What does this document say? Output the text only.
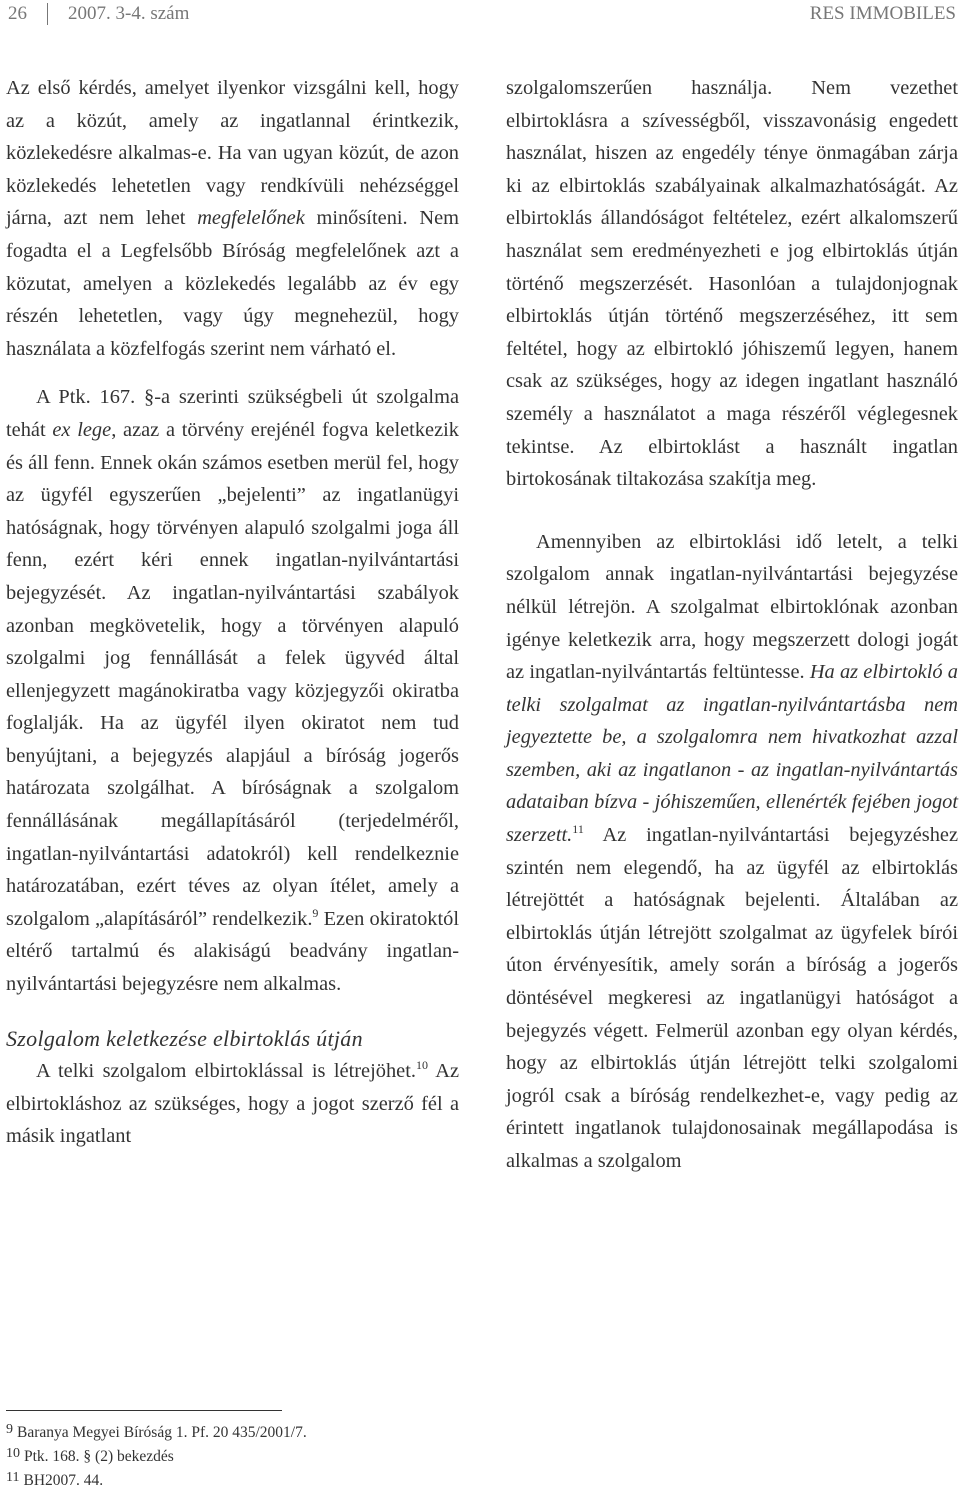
26 2007. 3-4. szám	RES IMMOBILES

Az első kérdés, amelyet ilyenkor vizsgálni kell, hogy az a közút, amely az ingatlannal érintkezik, közlekedésre alkalmas-e. Ha van ugyan közút, de azon közlekedés lehetetlen vagy rendkívüli nehézséggel járna, azt nem lehet megfelelőnek minősíteni. Nem fogadta el a Legfelsőbb Bíróság megfelelőnek azt a közutat, amelyen a közlekedés legalább az év egy részén lehetetlen, vagy úgy megnehezül, hogy használata a közfelfogás szerint nem várható el.

A Ptk. 167. §-a szerinti szükségbeli út szolgalma tehát ex lege, azaz a törvény erejénél fogva keletkezik és áll fenn. Ennek okán számos esetben merül fel, hogy az ügyfél egyszerűen „bejelenti” az ingatlanügyi hatóságnak, hogy törvényen alapuló szolgalmi joga áll fenn, ezért kéri ennek ingatlan-nyilvántartási bejegyzését. Az ingatlan-nyilvántartási szabályok azonban megkövetelik, hogy a törvényen alapuló szolgalmi jog fennállását a felek ügyvéd által ellenjegyzett magánokiratba vagy közjegyzői okiratba foglalják. Ha az ügyfél ilyen okiratot nem tud benyújtani, a bejegyzés alapjául a bíróság jogerős határozata szolgálhat. A bíróságnak a szolgalom fennállásának megállapításáról (terjedelméről, ingatlan-nyilvántartási adatokról) kell rendelkeznie határozatában, ezért téves az olyan ítélet, amely a szolgalom „alapításáról” rendelkezik.$^9$ Ezen okiratoktól eltérő tartalmú és alakiságú beadvány ingatlan-nyilvántartási bejegyzésre nem alkalmas.

Szolgalom keletkezése elbirtoklás útján

A telki szolgalom elbirtoklással is létrejöhet.$^{10}$ Az elbirtokláshoz az szükséges, hogy a jogot szerző fél a másik ingatlant

szolgalomszerűen használja. Nem vezethet elbirtoklásra a szívességből, visszavonásig engedett használat, hiszen az engedély ténye önmagában zárja ki az elbirtoklás szabályainak alkalmazhatóságát. Az elbirtoklás állandóságot feltételez, ezért alkalomszerű használat sem eredményezheti e jog elbirtoklás útján történő megszerzését. Hasonlóan a tulajdonjognak elbirtoklás útján történő megszerzéséhez, itt sem feltétel, hogy az elbirtokló jóhiszemű legyen, hanem csak az szükséges, hogy az idegen ingatlant használó személy a használatot a maga részéről véglegesnek tekintse. Az elbirtoklást a használt ingatlan birtokosának tiltakozása szakítja meg.

Amennyiben az elbirtoklási idő letelt, a telki szolgalom annak ingatlan-nyilvántartási bejegyzése nélkül létrejön. A szolgalmat elbirtoklónak azonban igénye keletkezik arra, hogy megszerzett dologi jogát az ingatlan-nyilvántartás feltüntesse. Ha az elbirtokló a telki szolgalmat az ingatlan-nyilvántartásba nem jegyeztette be, a szolgalomra nem hivatkozhat azzal szemben, aki az ingatlanon - az ingatlan-nyilvántartás adataiban bízva - jóhiszeműen, ellenérték fejében jogot szerzett.$^{11}$ Az ingatlan-nyilvántartási bejegyzéshez szintén nem elegendő, ha az ügyfél az elbirtoklás létrejöttét a hatóságnak bejelenti. Általában az elbirtoklás útján létrejött szolgalmat az ügyfelek bírói úton érvényesítik, amely során a bíróság a jogerős döntésével megkeresi az ingatlanügyi hatóságot a bejegyzés végett. Felmerül azonban egy olyan kérdés, hogy az elbirtoklás útján létrejött telki szolgalomi jogról csak a bíróság rendelkezhet-e, vagy pedig az érintett ingatlanok tulajdonosainak megállapodása is alkalmas a szolgalom

9 Baranya Megyei Bíróság 1. Pf. 20 435/2001/7.
10 Ptk. 168. § (2) bekezdés
11 BH2007. 44.
